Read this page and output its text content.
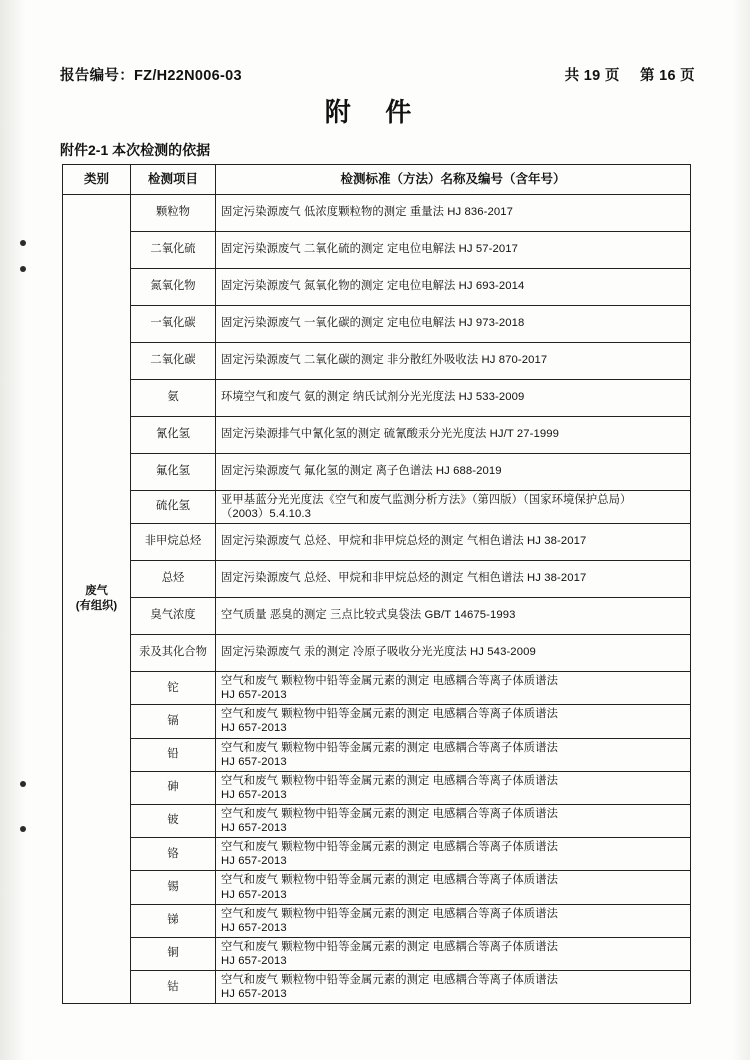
报告编号：FZ/H22N006-03	共 19 页 第 16 页
附 件
附件2-1 本次检测的依据
类别	检测项目	检测标准（方法）名称及编号（含年号）

废气
(有组织)	颗粒物	固定污染源废气 低浓度颗粒物的测定 重量法 HJ 836-2017
	二氧化硫	固定污染源废气 二氧化硫的测定 定电位电解法 HJ 57-2017
	氮氧化物	固定污染源废气 氮氧化物的测定 定电位电解法 HJ 693-2014
	一氧化碳	固定污染源废气 一氧化碳的测定 定电位电解法 HJ 973-2018
	二氧化碳	固定污染源废气 二氧化碳的测定 非分散红外吸收法 HJ 870-2017
	氨	环境空气和废气 氨的测定 纳氏试剂分光光度法 HJ 533-2009
	氰化氢	固定污染源排气中氰化氢的测定 硫氰酸汞分光光度法 HJ/T 27-1999
	氟化氢	固定污染源废气 氟化氢的测定 离子色谱法 HJ 688-2019
	硫化氢	亚甲基蓝分光光度法《空气和废气监测分析方法》（第四版）（国家环境保护总局）
（2003）5.4.10.3

	非甲烷总烃	固定污染源废气 总烃、甲烷和非甲烷总烃的测定 气相色谱法 HJ 38-2017
	总烃	固定污染源废气 总烃、甲烷和非甲烷总烃的测定 气相色谱法 HJ 38-2017
	臭气浓度	空气质量 恶臭的测定 三点比较式臭袋法 GB/T 14675-1993
	汞及其化合物	固定污染源废气 汞的测定 冷原子吸收分光光度法 HJ 543-2009
	铊	空气和废气 颗粒物中铅等金属元素的测定 电感耦合等离子体质谱法
HJ 657-2013

	镉	空气和废气 颗粒物中铅等金属元素的测定 电感耦合等离子体质谱法
HJ 657-2013

	铅	空气和废气 颗粒物中铅等金属元素的测定 电感耦合等离子体质谱法
HJ 657-2013

	砷	空气和废气 颗粒物中铅等金属元素的测定 电感耦合等离子体质谱法
HJ 657-2013

	铍	空气和废气 颗粒物中铅等金属元素的测定 电感耦合等离子体质谱法
HJ 657-2013

	铬	空气和废气 颗粒物中铅等金属元素的测定 电感耦合等离子体质谱法
HJ 657-2013

	锡	空气和废气 颗粒物中铅等金属元素的测定 电感耦合等离子体质谱法
HJ 657-2013

	锑	空气和废气 颗粒物中铅等金属元素的测定 电感耦合等离子体质谱法
HJ 657-2013

	铜	空气和废气 颗粒物中铅等金属元素的测定 电感耦合等离子体质谱法
HJ 657-2013

	钴	空气和废气 颗粒物中铅等金属元素的测定 电感耦合等离子体质谱法
HJ 657-2013
